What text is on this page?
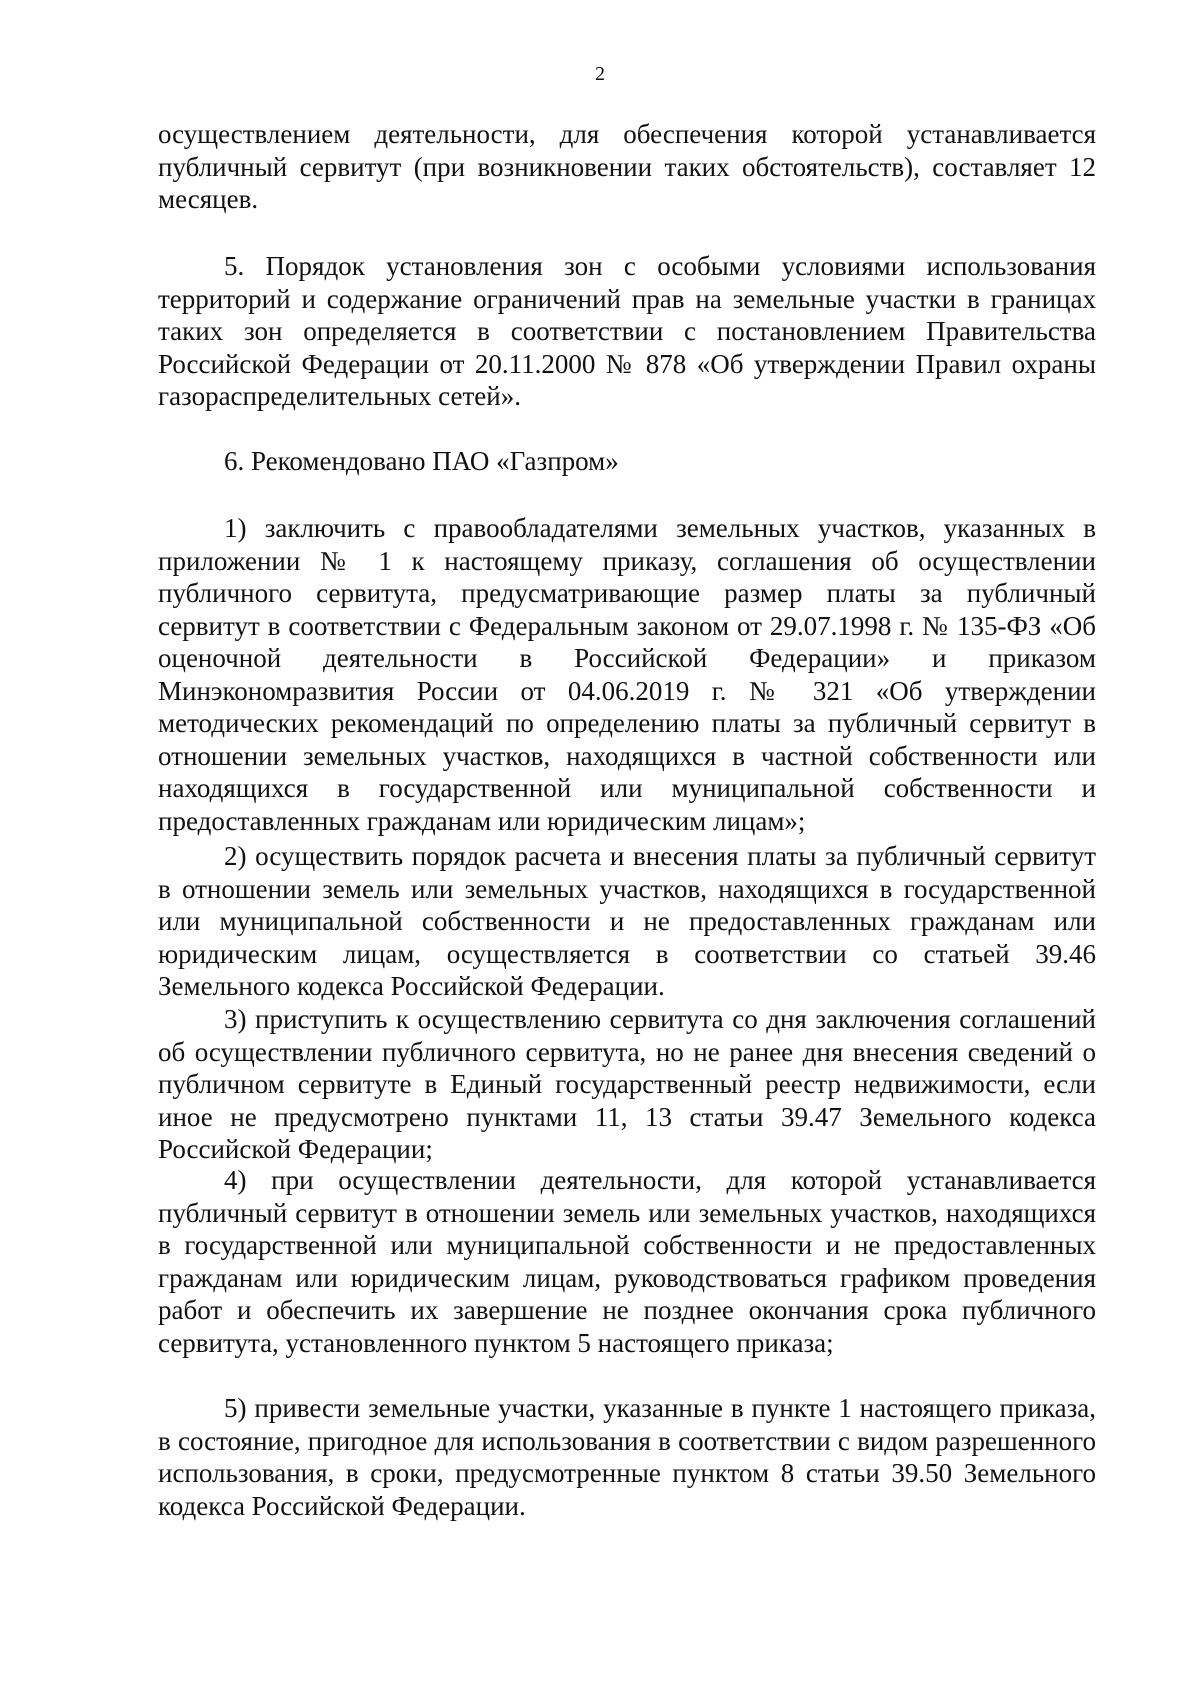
2

осуществлением деятельности, для обеспечения которой устанавливается публичный сервитут (при возникновении таких обстоятельств), составляет 12 месяцев.

5. Порядок установления зон с особыми условиями использования территорий и содержание ограничений прав на земельные участки в границах таких зон определяется в соответствии с постановлением Правительства Российской Федерации от 20.11.2000 № 878 «Об утверждении Правил охраны газораспределительных сетей».

6. Рекомендовано ПАО «Газпром»

1) заключить с правообладателями земельных участков, указанных в приложении № 1 к настоящему приказу, соглашения об осуществлении публичного сервитута, предусматривающие размер платы за публичный сервитут в соответствии с Федеральным законом от 29.07.1998 г. № 135-ФЗ «Об оценочной деятельности в Российской Федерации» и приказом Минэкономразвития России от 04.06.2019 г. № 321 «Об утверждении методических рекомендаций по определению платы за публичный сервитут в отношении земельных участков, находящихся в частной собственности или находящихся в государственной или муниципальной собственности и предоставленных гражданам или юридическим лицам»;

2) осуществить порядок расчета и внесения платы за публичный сервитут в отношении земель или земельных участков, находящихся в государственной или муниципальной собственности и не предоставленных гражданам или юридическим лицам, осуществляется в соответствии со статьей 39.46 Земельного кодекса Российской Федерации.

3) приступить к осуществлению сервитута со дня заключения соглашений об осуществлении публичного сервитута, но не ранее дня внесения сведений о публичном сервитуте в Единый государственный реестр недвижимости, если иное не предусмотрено пунктами 11, 13 статьи 39.47 Земельного кодекса Российской Федерации;

4) при осуществлении деятельности, для которой устанавливается публичный сервитут в отношении земель или земельных участков, находящихся в государственной или муниципальной собственности и не предоставленных гражданам или юридическим лицам, руководствоваться графиком проведения работ и обеспечить их завершение не позднее окончания срока публичного сервитута, установленного пунктом 5 настоящего приказа;

5) привести земельные участки, указанные в пункте 1 настоящего приказа, в состояние, пригодное для использования в соответствии с видом разрешенного использования, в сроки, предусмотренные пунктом 8 статьи 39.50 Земельного кодекса Российской Федерации.
